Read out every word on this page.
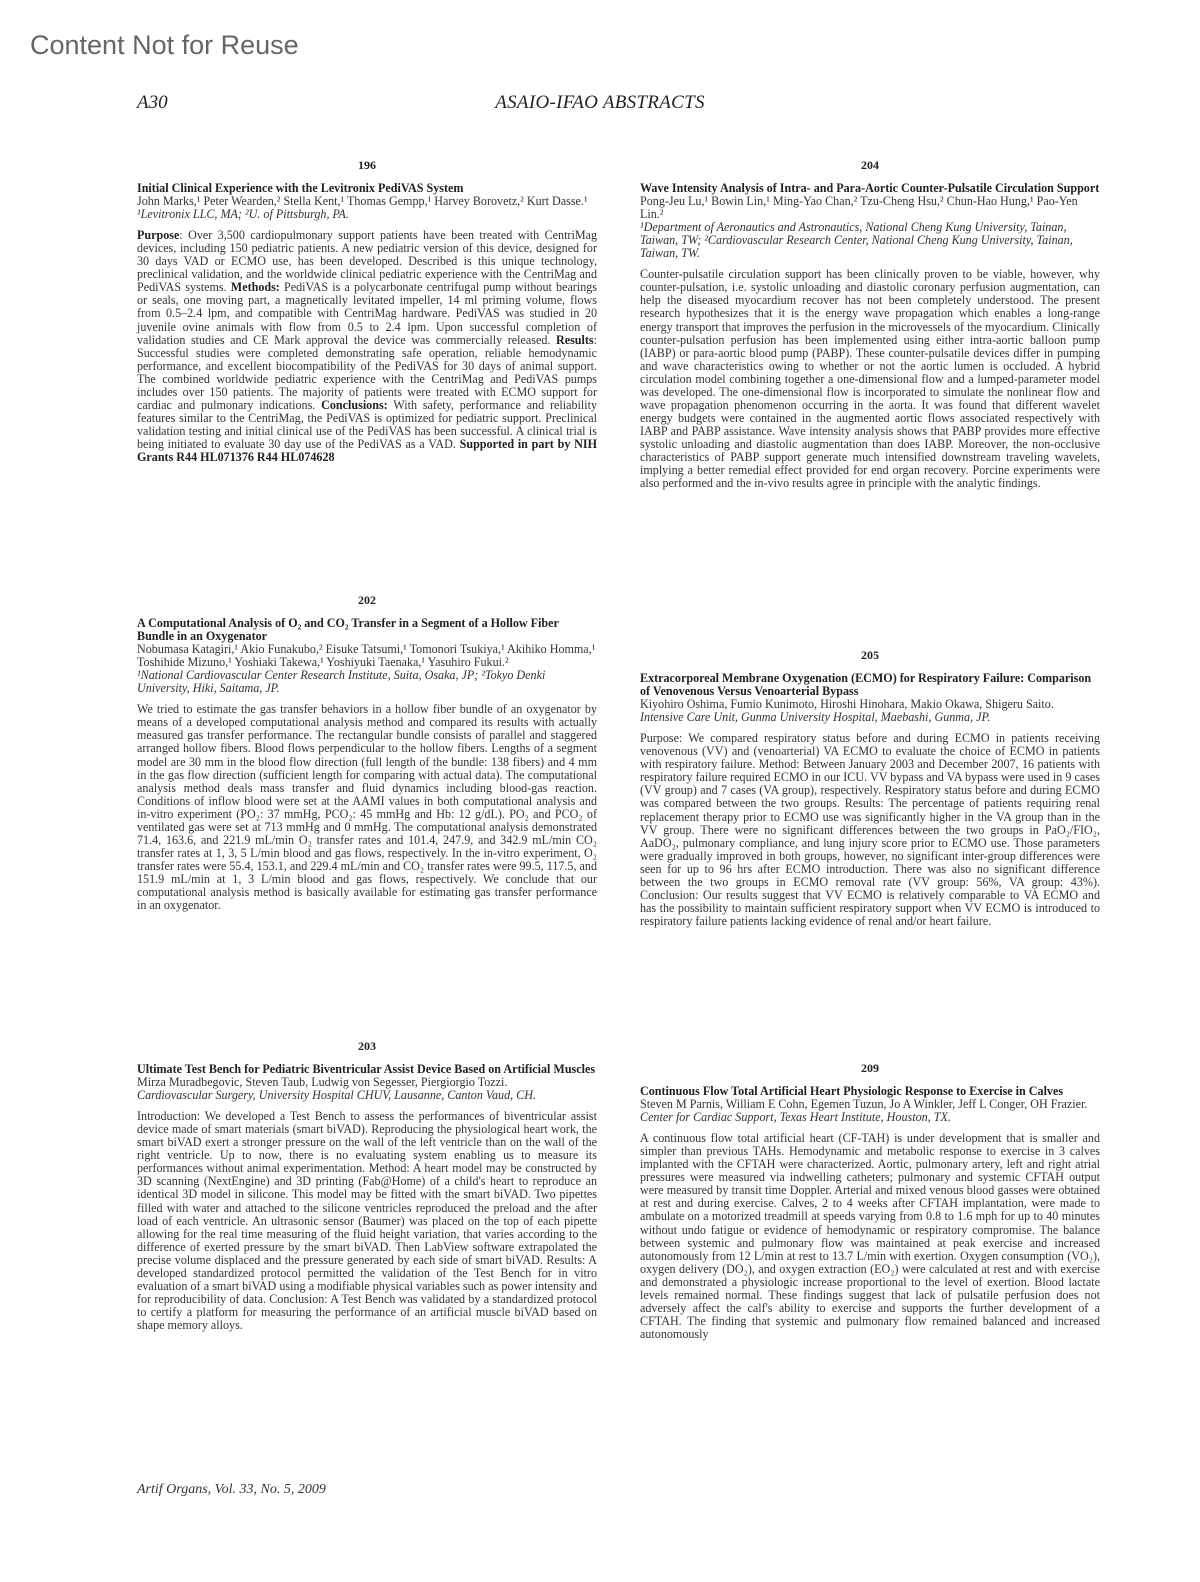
Content Not for Reuse
A30	ASAIO-IFAO ABSTRACTS
196
Initial Clinical Experience with the Levitronix PediVAS System
John Marks,¹ Peter Wearden,² Stella Kent,¹ Thomas Gempp,¹ Harvey Borovetz,² Kurt Dasse.¹
¹Levitronix LLC, MA; ²U. of Pittsburgh, PA.
Purpose: Over 3,500 cardiopulmonary support patients have been treated with CentriMag devices, including 150 pediatric patients. A new pediatric version of this device, designed for 30 days VAD or ECMO use, has been developed. Described is this unique technology, preclinical validation, and the worldwide clinical pediatric experience with the CentriMag and PediVAS systems. Methods: PediVAS is a polycarbonate centrifugal pump without bearings or seals, one moving part, a magnetically levitated impeller, 14 ml priming volume, flows from 0.5–2.4 lpm, and compatible with CentriMag hardware. PediVAS was studied in 20 juvenile ovine animals with flow from 0.5 to 2.4 lpm. Upon successful completion of validation studies and CE Mark approval the device was commercially released. Results: Successful studies were completed demonstrating safe operation, reliable hemodynamic performance, and excellent biocompatibility of the PediVAS for 30 days of animal support. The combined worldwide pediatric experience with the CentriMag and PediVAS pumps includes over 150 patients. The majority of patients were treated with ECMO support for cardiac and pulmonary indications. Conclusions: With safety, performance and reliability features similar to the CentriMag, the PediVAS is optimized for pediatric support. Preclinical validation testing and initial clinical use of the PediVAS has been successful. A clinical trial is being initiated to evaluate 30 day use of the PediVAS as a VAD. Supported in part by NIH Grants R44 HL071376 R44 HL074628
202
A Computational Analysis of O₂ and CO₂ Transfer in a Segment of a Hollow Fiber Bundle in an Oxygenator
Nobumasa Katagiri,¹ Akio Funakubo,² Eisuke Tatsumi,¹ Tomonori Tsukiya,¹ Akihiko Homma,¹ Toshihide Mizuno,¹ Yoshiaki Takewa,¹ Yoshiyuki Taenaka,¹ Yasuhiro Fukui.²
¹National Cardiovascular Center Research Institute, Suita, Osaka, JP; ²Tokyo Denki University, Hiki, Saitama, JP.
We tried to estimate the gas transfer behaviors in a hollow fiber bundle of an oxygenator by means of a developed computational analysis method and compared its results with actually measured gas transfer performance. The rectangular bundle consists of parallel and staggered arranged hollow fibers. Blood flows perpendicular to the hollow fibers. Lengths of a segment model are 30 mm in the blood flow direction (full length of the bundle: 138 fibers) and 4 mm in the gas flow direction (sufficient length for comparing with actual data). The computational analysis method deals mass transfer and fluid dynamics including blood-gas reaction. Conditions of inflow blood were set at the AAMI values in both computational analysis and in-vitro experiment (PO₂: 37 mmHg, PCO₂: 45 mmHg and Hb: 12 g/dL). PO₂ and PCO₂ of ventilated gas were set at 713 mmHg and 0 mmHg. The computational analysis demonstrated 71.4, 163.6, and 221.9 mL/min O₂ transfer rates and 101.4, 247.9, and 342.9 mL/min CO₂ transfer rates at 1, 3, 5 L/min blood and gas flows, respectively. In the in-vitro experiment, O₂ transfer rates were 55.4, 153.1, and 229.4 mL/min and CO₂ transfer rates were 99.5, 117.5, and 151.9 mL/min at 1, 3 L/min blood and gas flows, respectively. We conclude that our computational analysis method is basically available for estimating gas transfer performance in an oxygenator.
203
Ultimate Test Bench for Pediatric Biventricular Assist Device Based on Artificial Muscles
Mirza Muradbegovic, Steven Taub, Ludwig von Segesser, Piergiorgio Tozzi.
Cardiovascular Surgery, University Hospital CHUV, Lausanne, Canton Vaud, CH.
Introduction: We developed a Test Bench to assess the performances of biventricular assist device made of smart materials (smart biVAD). Reproducing the physiological heart work, the smart biVAD exert a stronger pressure on the wall of the left ventricle than on the wall of the right ventricle. Up to now, there is no evaluating system enabling us to measure its performances without animal experimentation. Method: A heart model may be constructed by 3D scanning (NextEngine) and 3D printing (Fab@Home) of a child's heart to reproduce an identical 3D model in silicone. This model may be fitted with the smart biVAD. Two pipettes filled with water and attached to the silicone ventricles reproduced the preload and the after load of each ventricle. An ultrasonic sensor (Baumer) was placed on the top of each pipette allowing for the real time measuring of the fluid height variation, that varies according to the difference of exerted pressure by the smart biVAD. Then LabView software extrapolated the precise volume displaced and the pressure generated by each side of smart biVAD. Results: A developed standardized protocol permitted the validation of the Test Bench for in vitro evaluation of a smart biVAD using a modifiable physical variables such as power intensity and for reproducibility of data. Conclusion: A Test Bench was validated by a standardized protocol to certify a platform for measuring the performance of an artificial muscle biVAD based on shape memory alloys.
204
Wave Intensity Analysis of Intra- and Para-Aortic Counter-Pulsatile Circulation Support
Pong-Jeu Lu,¹ Bowin Lin,¹ Ming-Yao Chan,² Tzu-Cheng Hsu,² Chun-Hao Hung,¹ Pao-Yen Lin.²
¹Department of Aeronautics and Astronautics, National Cheng Kung University, Tainan, Taiwan, TW; ²Cardiovascular Research Center, National Cheng Kung University, Tainan, Taiwan, TW.
Counter-pulsatile circulation support has been clinically proven to be viable, however, why counter-pulsation, i.e. systolic unloading and diastolic coronary perfusion augmentation, can help the diseased myocardium recover has not been completely understood. The present research hypothesizes that it is the energy wave propagation which enables a long-range energy transport that improves the perfusion in the microvessels of the myocardium. Clinically counter-pulsation perfusion has been implemented using either intra-aortic balloon pump (IABP) or para-aortic blood pump (PABP). These counter-pulsatile devices differ in pumping and wave characteristics owing to whether or not the aortic lumen is occluded. A hybrid circulation model combining together a one-dimensional flow and a lumped-parameter model was developed. The one-dimensional flow is incorporated to simulate the nonlinear flow and wave propagation phenomenon occurring in the aorta. It was found that different wavelet energy budgets were contained in the augmented aortic flows associated respectively with IABP and PABP assistance. Wave intensity analysis shows that PABP provides more effective systolic unloading and diastolic augmentation than does IABP. Moreover, the non-occlusive characteristics of PABP support generate much intensified downstream traveling wavelets, implying a better remedial effect provided for end organ recovery. Porcine experiments were also performed and the in-vivo results agree in principle with the analytic findings.
205
Extracorporeal Membrane Oxygenation (ECMO) for Respiratory Failure: Comparison of Venovenous Versus Venoarterial Bypass
Kiyohiro Oshima, Fumio Kunimoto, Hiroshi Hinohara, Makio Okawa, Shigeru Saito.
Intensive Care Unit, Gunma University Hospital, Maebashi, Gunma, JP.
Purpose: We compared respiratory status before and during ECMO in patients receiving venovenous (VV) and (venoarterial) VA ECMO to evaluate the choice of ECMO in patients with respiratory failure. Method: Between January 2003 and December 2007, 16 patients with respiratory failure required ECMO in our ICU. VV bypass and VA bypass were used in 9 cases (VV group) and 7 cases (VA group), respectively. Respiratory status before and during ECMO was compared between the two groups. Results: The percentage of patients requiring renal replacement therapy prior to ECMO use was significantly higher in the VA group than in the VV group. There were no significant differences between the two groups in PaO₂/FIO₂, AaDO₂, pulmonary compliance, and lung injury score prior to ECMO use. Those parameters were gradually improved in both groups, however, no significant inter-group differences were seen for up to 96 hrs after ECMO introduction. There was also no significant difference between the two groups in ECMO removal rate (VV group: 56%, VA group: 43%). Conclusion: Our results suggest that VV ECMO is relatively comparable to VA ECMO and has the possibility to maintain sufficient respiratory support when VV ECMO is introduced to respiratory failure patients lacking evidence of renal and/or heart failure.
209
Continuous Flow Total Artificial Heart Physiologic Response to Exercise in Calves
Steven M Parnis, William E Cohn, Egemen Tuzun, Jo A Winkler, Jeff L Conger, OH Frazier.
Center for Cardiac Support, Texas Heart Institute, Houston, TX.
A continuous flow total artificial heart (CF-TAH) is under development that is smaller and simpler than previous TAHs. Hemodynamic and metabolic response to exercise in 3 calves implanted with the CFTAH were characterized. Aortic, pulmonary artery, left and right atrial pressures were measured via indwelling catheters; pulmonary and systemic CFTAH output were measured by transit time Doppler. Arterial and mixed venous blood gasses were obtained at rest and during exercise. Calves, 2 to 4 weeks after CFTAH implantation, were made to ambulate on a motorized treadmill at speeds varying from 0.8 to 1.6 mph for up to 40 minutes without undo fatigue or evidence of hemodynamic or respiratory compromise. The balance between systemic and pulmonary flow was maintained at peak exercise and increased autonomously from 12 L/min at rest to 13.7 L/min with exertion. Oxygen consumption (VO₂), oxygen delivery (DO₂), and oxygen extraction (EO₂) were calculated at rest and with exercise and demonstrated a physiologic increase proportional to the level of exertion. Blood lactate levels remained normal. These findings suggest that lack of pulsatile perfusion does not adversely affect the calf's ability to exercise and supports the further development of a CFTAH. The finding that systemic and pulmonary flow remained balanced and increased autonomously
Artif Organs, Vol. 33, No. 5, 2009
